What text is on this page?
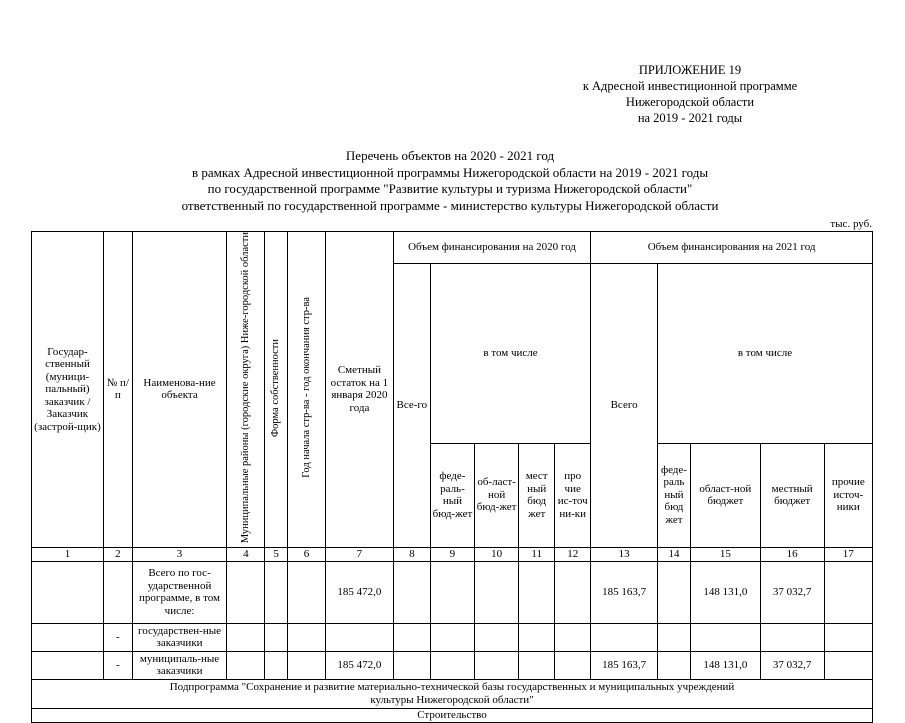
ПРИЛОЖЕНИЕ 19
к Адресной инвестиционной программе
Нижегородской области
на 2019 - 2021 годы
Перечень объектов на 2020 - 2021 год
в рамках Адресной инвестиционной программы Нижегородской области на 2019 - 2021 годы
по государственной программе "Развитие культуры и туризма Нижегородской области"
ответственный по государственной программе - министерство культуры Нижегородской области
тыс. руб.
Государ-ственный (муници-пальный) заказчик / Заказчик (застрой-щик)	№ п/п	Наименова-ние объекта	Муниципальные районы (городские округа) Ниже-городской области	Форма собственности	Год начала стр-ва - год окончания стр-ва	Сметный остаток на 1 января 2020 года	Объем финансирования на 2020 год					Объем финансирования на 2021 год				
							Все-го	в том числе				Всего	в том числе			
								феде-раль-ный бюд-жет	об-ласт-ной бюд-жет	мест ный бюд жет	про чие ис-точ ни-ки		феде-раль ный бюд жет	област-ной бюджет	местный бюджет	прочие источ-ники
1	2	3	4	5	6	7	8	9	10	11	12	13	14	15	16	17
		Всего по гос-ударственной программе, в том числе:				185 472,0						185 163,7		148 131,0	37 032,7	
	-	государствен-ные заказчики														
	-	муниципаль-ные заказчики				185 472,0						185 163,7		148 131,0	37 032,7	

Подпрограмма "Сохранение и развитие материально-технической базы государственных и муниципальных учреждений
культуры Нижегородской области"																

Строительство																
